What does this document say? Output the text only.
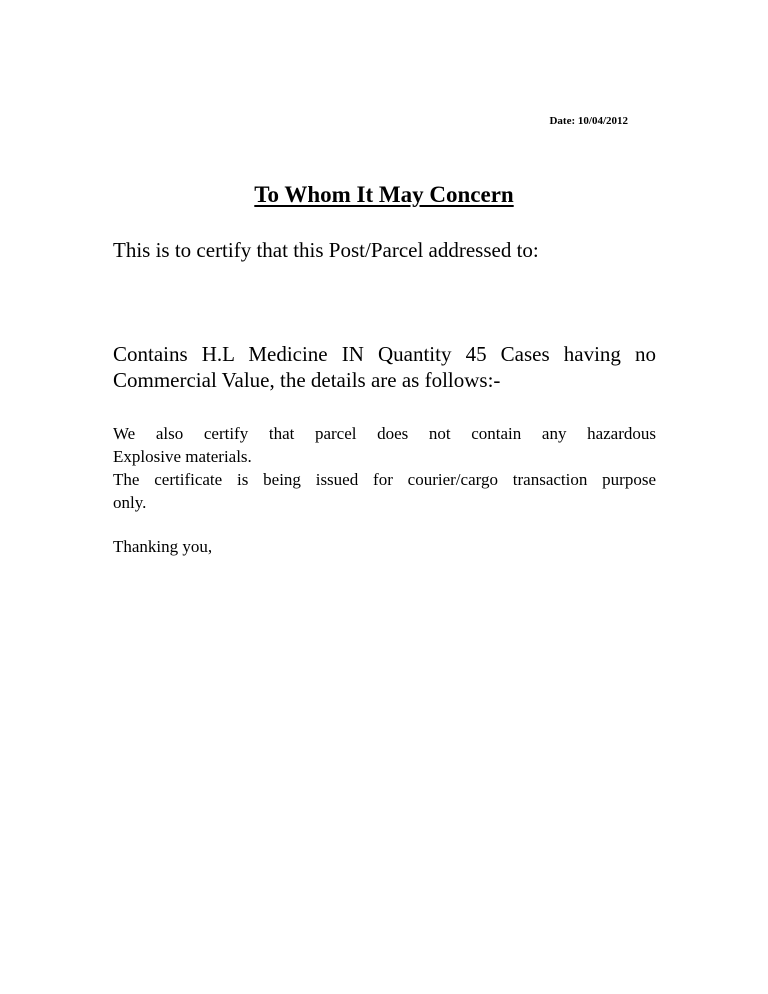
Date: 10/04/2012
To Whom It May Concern
This is to certify that this Post/Parcel addressed to:
Contains H.L Medicine IN Quantity 45 Cases having no
Commercial Value, the details are as follows:-
We also certify that parcel does not contain any hazardous
Explosive materials.
The certificate is being issued for courier/cargo transaction purpose
only.
Thanking you,
